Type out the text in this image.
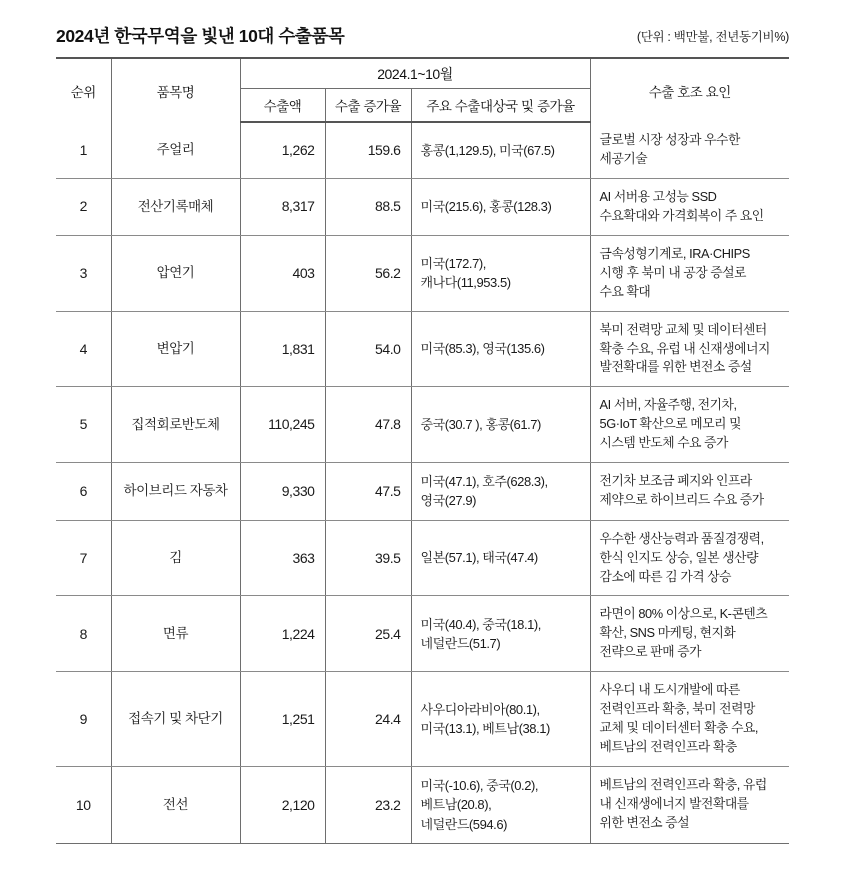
2024년 한국무역을 빛낸 10대 수출품목	(단위 : 백만불, 전년동기비%)
순위	품목명	2024.1~10월			수출 호조 요인
		수출액	수출 증가율	주요 수출대상국 및 증가율	
1	주얼리	1,262	159.6	홍콩(1,129.5), 미국(67.5)	글로벌 시장 성장과 우수한
세공기술

2	전산기록매체	8,317	88.5	미국(215.6), 홍콩(128.3)	AI 서버용 고성능 SSD
수요확대와 가격회복이 주 요인

3	압연기	403	56.2	미국(172.7),
캐나다(11,953.5)	금속성형기계로, IRA·CHIPS
시행 후 북미 내 공장 증설로
수요 확대

4	변압기	1,831	54.0	미국(85.3), 영국(135.6)	북미 전력망 교체 및 데이터센터
확충 수요, 유럽 내 신재생에너지
발전확대를 위한 변전소 증설

5	집적회로반도체	110,245	47.8	중국(30.7 ), 홍콩(61.7)	AI 서버, 자율주행, 전기차,
5G·IoT 확산으로 메모리 및
시스템 반도체 수요 증가

6	하이브리드 자동차	9,330	47.5	미국(47.1), 호주(628.3),
영국(27.9)	전기차 보조금 폐지와 인프라
제약으로 하이브리드 수요 증가

7	김	363	39.5	일본(57.1), 태국(47.4)	우수한 생산능력과 품질경쟁력,
한식 인지도 상승, 일본 생산량
감소에 따른 김 가격 상승

8	면류	1,224	25.4	미국(40.4), 중국(18.1),
네덜란드(51.7)	라면이 80% 이상으로, K-콘텐츠
확산, SNS 마케팅, 현지화
전략으로 판매 증가

9	접속기 및 차단기	1,251	24.4	사우디아라비아(80.1),
미국(13.1), 베트남(38.1)	사우디 내 도시개발에 따른
전력인프라 확충, 북미 전력망
교체 및 데이터센터 확충 수요,
베트남의 전력인프라 확충

10	전선	2,120	23.2	미국(-10.6), 중국(0.2),
베트남(20.8),
네덜란드(594.6)	베트남의 전력인프라 확충, 유럽
내 신재생에너지 발전확대를
위한 변전소 증설
